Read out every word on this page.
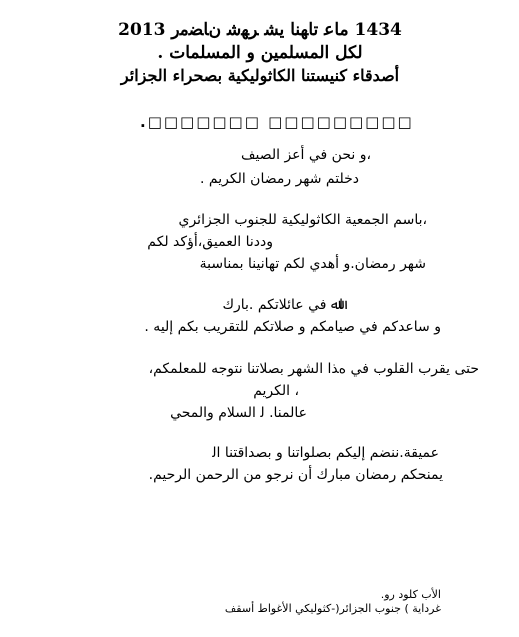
1434 ماﻋ تاﻬﻨﺎ ﻳﺸ ﺮﻬﺷ نﺎﻀﻣر 2013
ﻟﻜﻞ اﻟﻤﺴﻠﻤﻴﻦ و اﻟﻤﺴﻠﻤﺎت .
أﺻﺪﻗﺎء ﻛﻨﻴﺴﺘﻨﺎ اﻟﻜﺎﺛﻮﻟﻴﻜﻴﺔ ﺑﺼﺤﺮاء اﻟﺠﺰاﺋﺮ
.□□□□□□□ □□□□□□□□□
،و ﻧﺤﻦ ﻓﻲ أﻋﺰ اﻟﺼﻴﻒ
دﺧﻠﺘﻢ ﺷﻬﺮ رﻣﻀﺎن اﻟﻜﺮﻳﻢ .
،ﺑﺎﺳﻢ اﻟﺠﻤﻌﻴﺔ اﻟﻜﺎﺛﻮﻟﻴﻜﻴﺔ ﻟﻠﺠﻨﻮب اﻟﺠﺰاﺋﺮي
وددﻧﺎ اﻟﻌﻤﻴﻖ،أؤﻛﺪ ﻟﻜﻢ
ﺷﻬﺮ رﻣﻀﺎن.و أهدي ﻟﻜﻢ ﺗﻬﺎﻧﻴﻨﺎ ﺑﻤﻨﺎﺳﺒﺔ
اﷲ ﻓﻲ ﻋﺎﺋﻼﺗﻜﻢ .ﺑﺎرك
و ﺳﺎﻋﺪﻛﻢ ﻓﻲ ﺻﻴﺎﻣﻜﻢ و ﺻﻼﺗﻜﻢ ﻟﻠﺘﻘﺮﻳﺐ ﺑﻜﻢ إﻟﻴﻪ .
ﺣﺘﻰ ﻳﻘﺮب اﻟﻘﻠﻮب ﻓﻲ هﺬا اﻟﺸﻬﺮ ﺑﺼﻼﺗﻨﺎ ﻧﺘﻮﺟﻪ ﻟﻠﻤﻌﻠﻤﻜﻢ،
، اﻟﻜﺮﻳﻢ
ﻋﺎﻟﻤﻨﺎ. ﻟ اﻟﺴﻼم واﻟﻤﺤﻲ
ﻋﻤﻴﻘﺔ.ﻧﻨﻀﻢ إﻟﻴﻜﻢ ﺑﺼﻠﻮاﺗﻨﺎ و ﺑﺼﺪاﻗﺘﻨﺎ اﻟ
ﻳﻤﻨﺤﻜﻢ رﻣﻀﺎن ﻣﺒﺎرك أن ﻧﺮﺟﻮ ﻣﻦ اﻟﺮﺣﻤﻦ اﻟﺮﺣﻴﻢ.
اﻷب ﻛﻠﻮد رو.
ﻏﺮداﻳﺔ ) ﺟﻨﻮب اﻟﺠﺰاﺋﺮ(-ﻛﺜﻮﻟﻴﻜﻲ اﻷﻏﻮاط أﺳﻘﻒ
